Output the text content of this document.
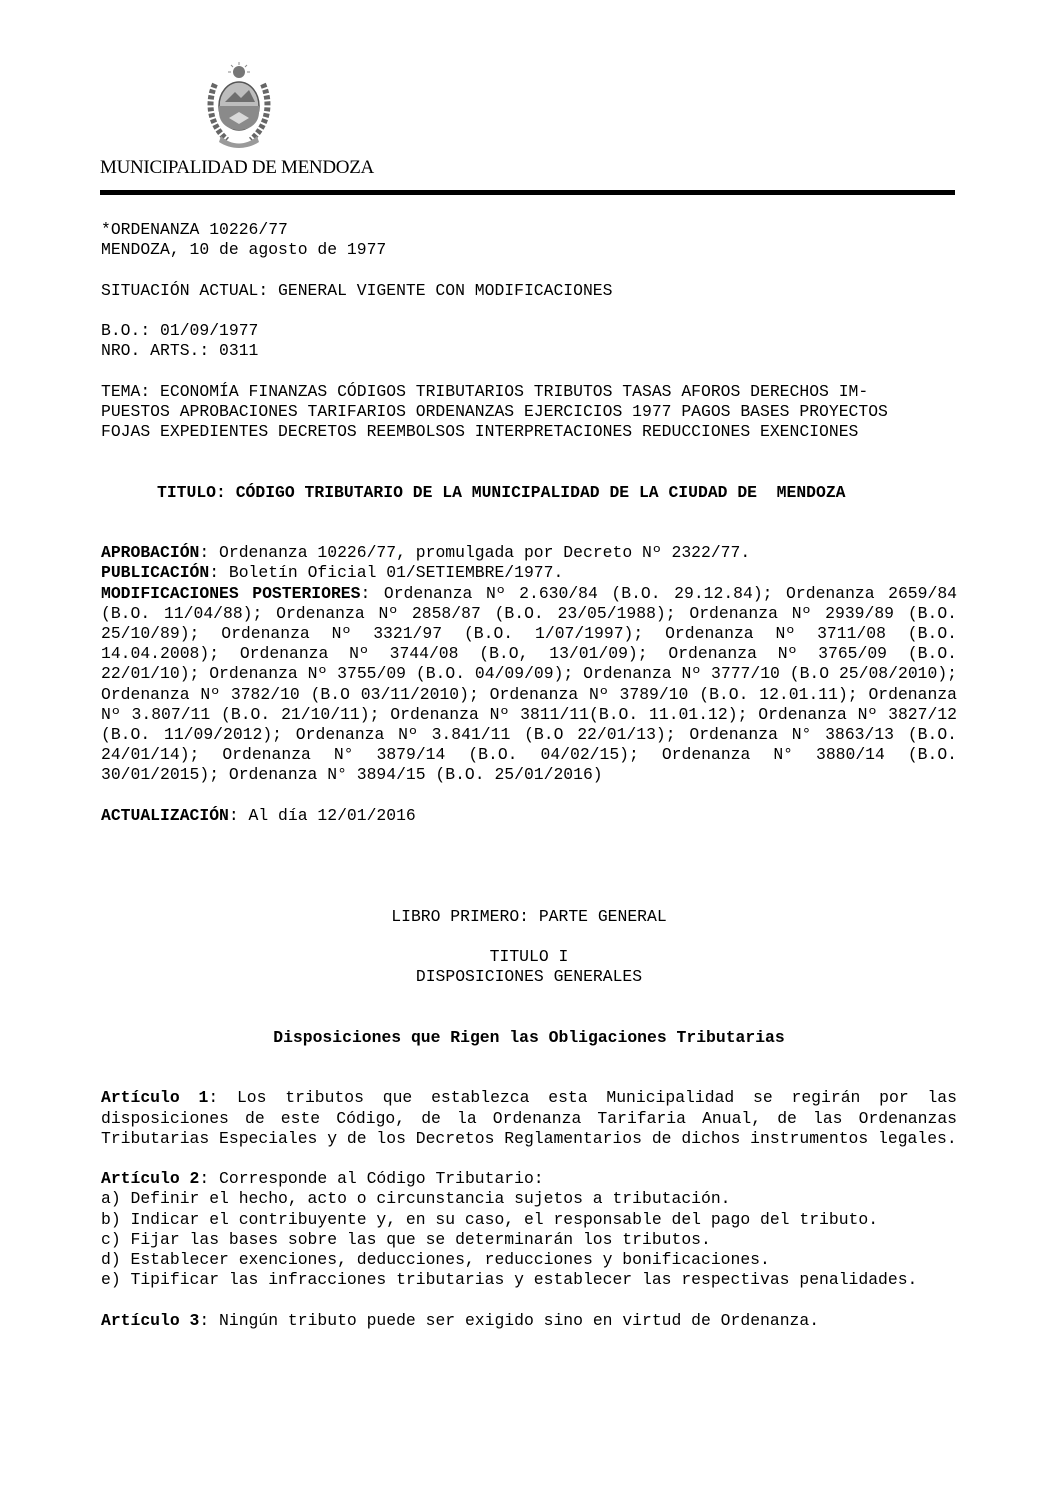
MUNICIPALIDAD DE MENDOZA

*ORDENANZA 10226/77

MENDOZA, 10 de agosto de 1977

SITUACIÓN ACTUAL: GENERAL VIGENTE CON MODIFICACIONES

B.O.: 01/09/1977

NRO. ARTS.: 0311

TEMA: ECONOMÍA FINANZAS CÓDIGOS TRIBUTARIOS TRIBUTOS TASAS AFOROS DERECHOS IM-

PUESTOS APROBACIONES TARIFARIOS ORDENANZAS EJERCICIOS 1977 PAGOS BASES PROYECTOS

FOJAS EXPEDIENTES DECRETOS REEMBOLSOS INTERPRETACIONES REDUCCIONES EXENCIONES

TITULO: CÓDIGO TRIBUTARIO DE LA MUNICIPALIDAD DE LA CIUDAD DE  MENDOZA

APROBACIÓN: Ordenanza 10226/77, promulgada por Decreto Nº 2322/77.

PUBLICACIÓN: Boletín Oficial 01/SETIEMBRE/1977.

MODIFICACIONES POSTERIORES: Ordenanza Nº 2.630/84 (B.O. 29.12.84); Ordenanza 2659/84 (B.O. 11/04/88); Ordenanza Nº 2858/87 (B.O. 23/05/1988); Ordenanza Nº 2939/89 (B.O. 25/10/89); Ordenanza Nº 3321/97 (B.O. 1/07/1997); Ordenanza Nº 3711/08 (B.O. 14.04.2008); Ordenanza Nº 3744/08 (B.O, 13/01/09); Ordenanza Nº 3765/09 (B.O. 22/01/10); Ordenanza Nº 3755/09 (B.O. 04/09/09); Ordenanza Nº 3777/10 (B.O 25/08/2010); Ordenanza Nº 3782/10 (B.O 03/11/2010); Ordenanza Nº 3789/10 (B.O. 12.01.11); Ordenanza Nº 3.807/11 (B.O. 21/10/11); Ordenanza Nº 3811/11(B.O. 11.01.12); Ordenanza Nº 3827/12 (B.O. 11/09/2012); Ordenanza Nº 3.841/11 (B.O 22/01/13); Ordenanza N° 3863/13 (B.O. 24/01/14); Ordenanza N° 3879/14 (B.O. 04/02/15); Ordenanza N° 3880/14 (B.O. 30/01/2015); Ordenanza N° 3894/15 (B.O. 25/01/2016)

ACTUALIZACIÓN: Al día 12/01/2016

LIBRO PRIMERO: PARTE GENERAL

TITULO I

DISPOSICIONES GENERALES

Disposiciones que Rigen las Obligaciones Tributarias

Artículo 1: Los tributos que establezca esta Municipalidad se regirán por las disposiciones de este Código, de la Ordenanza Tarifaria Anual, de las Ordenanzas Tributarias Especiales y de los Decretos Reglamentarios de dichos instrumentos legales.

Artículo 2: Corresponde al Código Tributario:

a) Definir el hecho, acto o circunstancia sujetos a tributación.

b) Indicar el contribuyente y, en su caso, el responsable del pago del tributo.

c) Fijar las bases sobre las que se determinarán los tributos.

d) Establecer exenciones, deducciones, reducciones y bonificaciones.

e) Tipificar las infracciones tributarias y establecer las respectivas penalidades.

Artículo 3: Ningún tributo puede ser exigido sino en virtud de Ordenanza.
